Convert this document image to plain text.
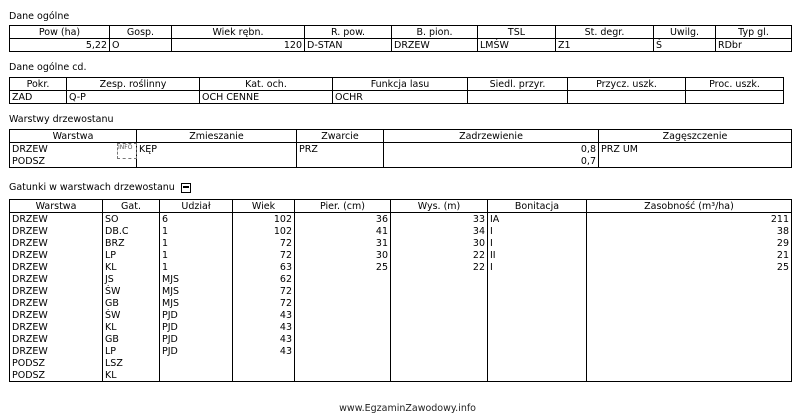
Dane ogólne
Pow (ha)	Gosp.	Wiek rębn.	R. pow.	B. pion.	TSL	St. degr.	Uwilg.	Typ gl.
5,22	O	120	D-STAN	DRZEW	LMŚW	Z1	Ś	RDbr
Dane ogólne cd.
Pokr.	Zesp. roślinny	Kat. och.	Funkcja lasu	Siedl. przyr.	Przycz. uszk.	Proc. uszk.
ZAD	Q-P	OCH CENNE	OCHR			
Warstwy drzewostanu
Warstwa	Zmieszanie	Zwarcie	Zadrzewienie	Zagęszczenie
DRZEW INFO	KĘP	PRZ	0,8	PRZ UM
PODSZ			0,7	
Gatunki w warstwach drzewostanu
Warstwa	Gat.	Udział	Wiek	Pier. (cm)	Wys. (m)	Bonitacja	Zasobność (m³/ha)
DRZEW	SO	6	102	36	33	IA	211
DRZEW	DB.C	1	102	41	34	I	38
DRZEW	BRZ	1	72	31	30	I	29
DRZEW	LP	1	72	30	22	II	21
DRZEW	KL	1	63	25	22	I	25
DRZEW	JS	MJS	62				
DRZEW	ŚW	MJS	72				
DRZEW	GB	MJS	72				
DRZEW	ŚW	PJD	43				
DRZEW	KL	PJD	43				
DRZEW	GB	PJD	43				
DRZEW	LP	PJD	43				
PODSZ	LSZ						
PODSZ	KL						
www.EgzaminZawodowy.info
